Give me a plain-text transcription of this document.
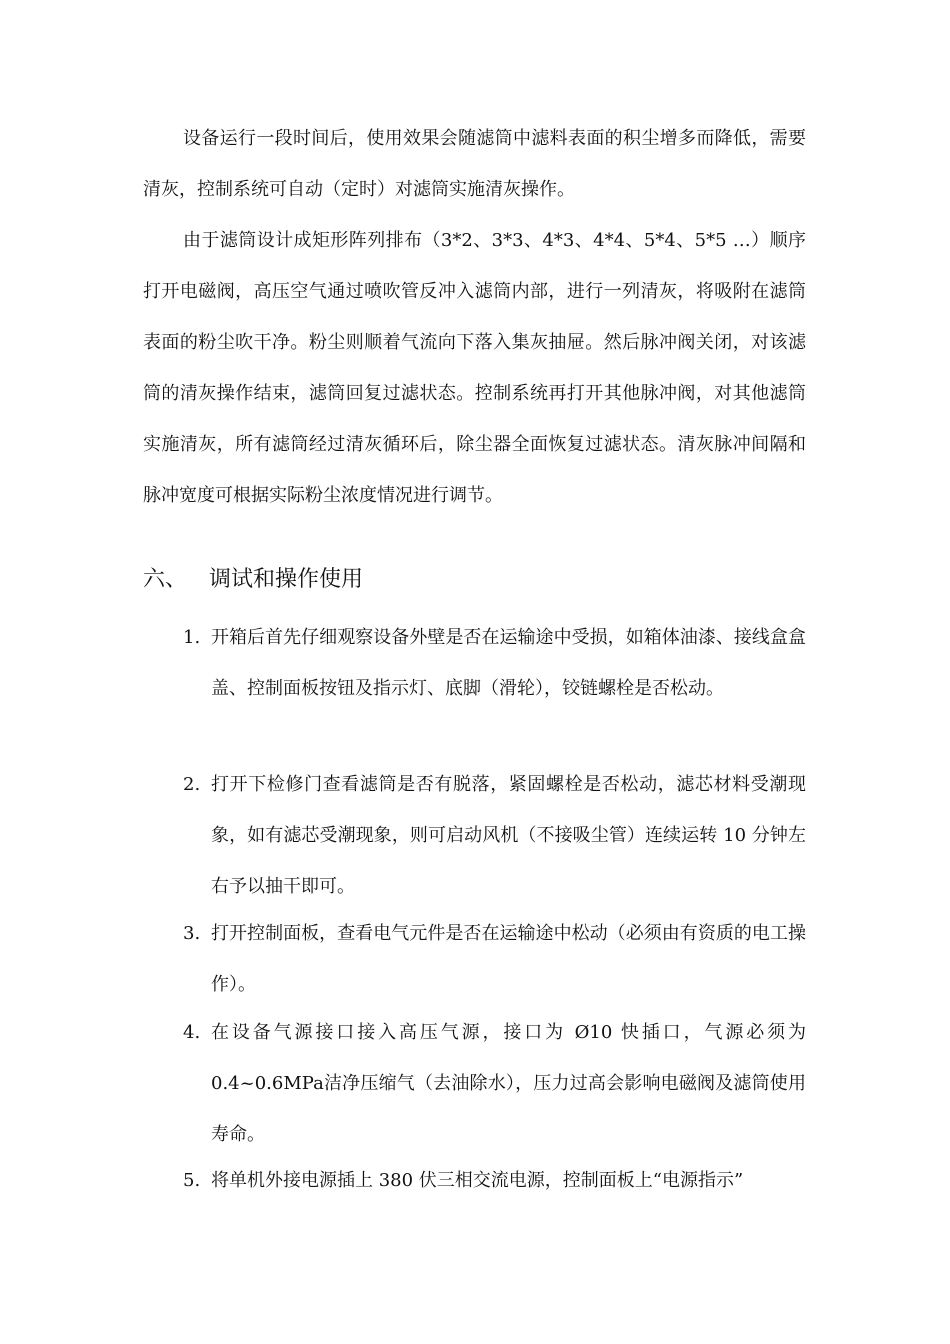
设备运行一段时间后，使用效果会随滤筒中滤料表面的积尘增多而降低，需要清灰，控制系统可自动（定时）对滤筒实施清灰操作。

由于滤筒设计成矩形阵列排布（3*2、3*3、4*3、4*4、5*4、5*5 …）顺序打开电磁阀，高压空气通过喷吹管反冲入滤筒内部，进行一列清灰，将吸附在滤筒表面的粉尘吹干净。粉尘则顺着气流向下落入集灰抽屉。然后脉冲阀关闭，对该滤筒的清灰操作结束，滤筒回复过滤状态。控制系统再打开其他脉冲阀，对其他滤筒实施清灰，所有滤筒经过清灰循环后，除尘器全面恢复过滤状态。清灰脉冲间隔和脉冲宽度可根据实际粉尘浓度情况进行调节。

六、 调试和操作使用
1. 开箱后首先仔细观察设备外壁是否在运输途中受损，如箱体油漆、接线盒盒盖、控制面板按钮及指示灯、底脚（滑轮），铰链螺栓是否松动。
2. 打开下检修门查看滤筒是否有脱落，紧固螺栓是否松动，滤芯材料受潮现象，如有滤芯受潮现象，则可启动风机（不接吸尘管）连续运转 10 分钟左右予以抽干即可。
3. 打开控制面板，查看电气元件是否在运输途中松动（必须由有资质的电工操作）。
4. 在设备气源接口接入高压气源，接口为 Ø10 快插口，气源必须为 0.4~0.6MPa洁净压缩气（去油除水），压力过高会影响电磁阀及滤筒使用寿命。
5. 将单机外接电源插上 380 伏三相交流电源，控制面板上“电源指示”
